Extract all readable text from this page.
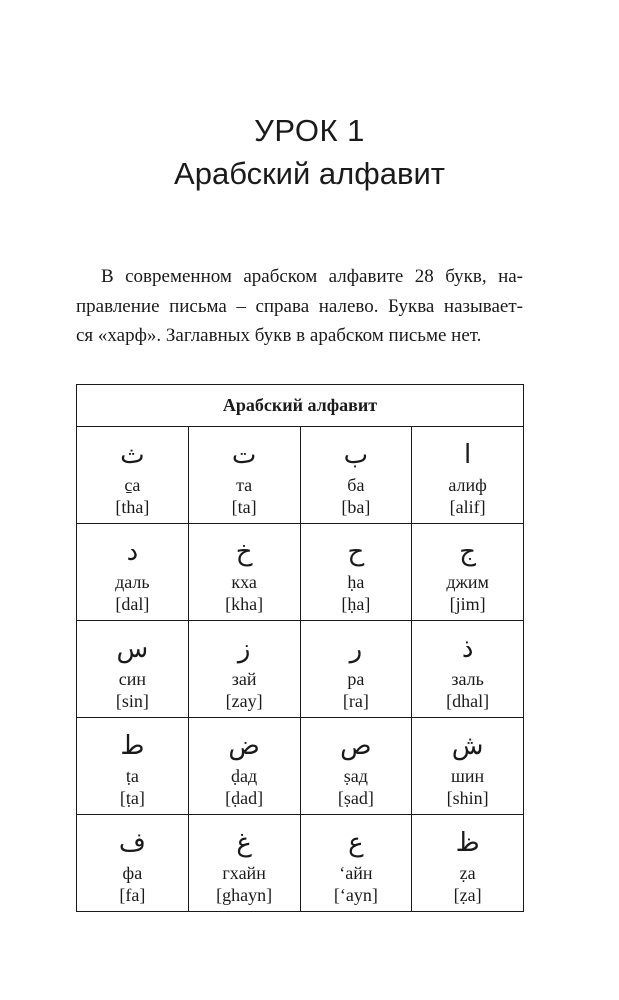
УРОК 1
Арабский алфавит

В современном арабском алфавите 28 букв, на-
правление письма – справа налево. Буква называет-
ся «харф». Заглавных букв в арабском письме нет.

Арабский алфавит			

ث
c̱a
[tha]	ت
та
[ta]	ب
ба
[ba]	ا
алиф
[alif]

د
даль
[dal]	خ
кха
[kha]	ح
ḥа
[ḥa]	ج
джим
[jim]

س
син
[sin]	ز
зай
[zay]	ر
ра
[ra]	ذ
заль
[dhal]

ط
ṭа
[ṭa]	ض
ḍад
[ḍad]	ص
ṣад
[ṣad]	ش
шин
[shin]

ف
фа
[fa]	غ
гхайн
[ghayn]	ع
‘айн
[‘ayn]	ظ
ẓа
[ẓa]
